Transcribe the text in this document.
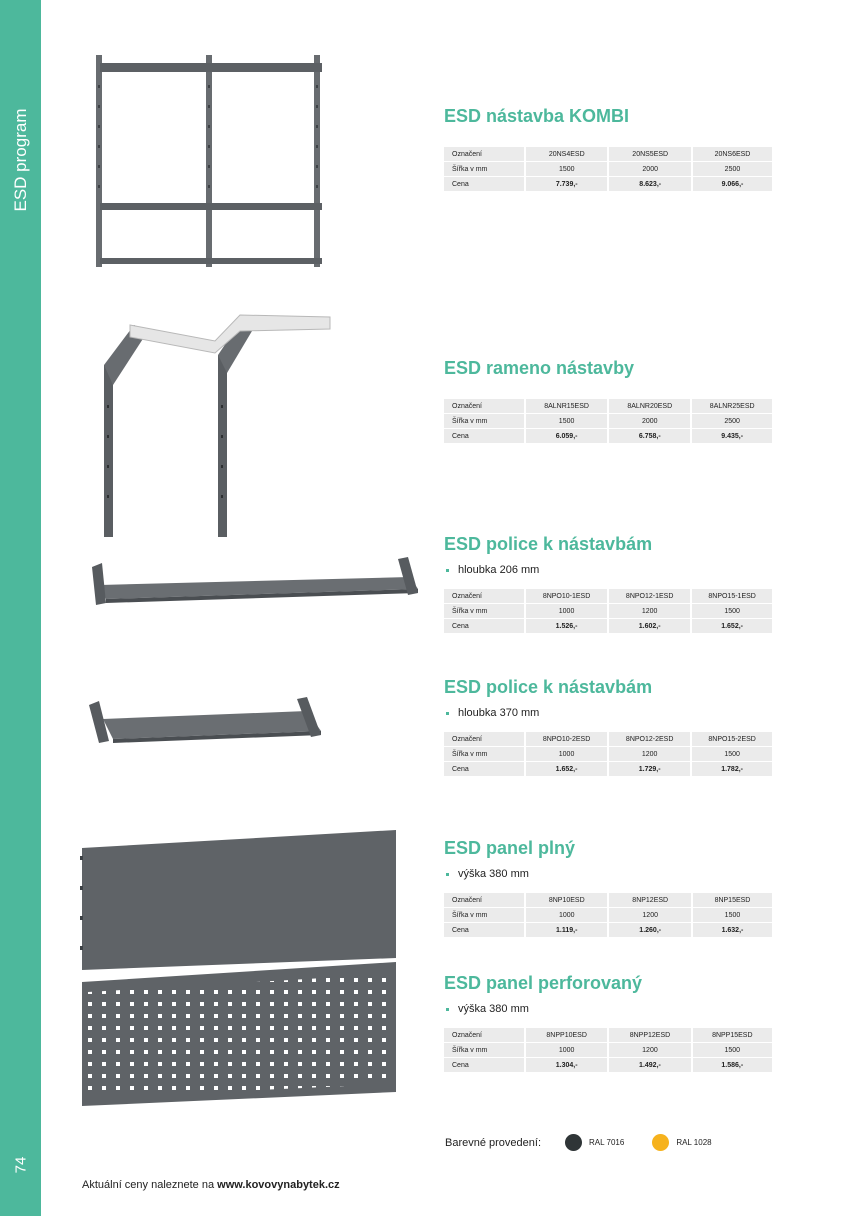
ESD program
74
ESD nástavba KOMBI
Označení	20NS4ESD	20NS5ESD	20NS6ESD
Šířka v mm	1500	2000	2500
Cena	7.739,-	8.623,-	9.066,-
ESD rameno nástavby
Označení	8ALNR15ESD	8ALNR20ESD	8ALNR25ESD
Šířka v mm	1500	2000	2500
Cena	6.059,-	6.758,-	9.435,-
ESD police k nástavbám
hloubka 206 mm
Označení	8NPO10-1ESD	8NPO12-1ESD	8NPO15-1ESD
Šířka v mm	1000	1200	1500
Cena	1.526,-	1.602,-	1.652,-
ESD police k nástavbám
hloubka 370 mm
Označení	8NPO10-2ESD	8NPO12-2ESD	8NPO15-2ESD
Šířka v mm	1000	1200	1500
Cena	1.652,-	1.729,-	1.782,-
ESD panel plný
výška 380 mm
Označení	8NP10ESD	8NP12ESD	8NP15ESD
Šířka v mm	1000	1200	1500
Cena	1.119,-	1.260,-	1.632,-
ESD panel perforovaný
výška 380 mm
Označení	8NPP10ESD	8NPP12ESD	8NPP15ESD
Šířka v mm	1000	1200	1500
Cena	1.304,-	1.492,-	1.586,-
Barevné provedení:	RAL 7016	RAL 1028
Aktuální ceny naleznete na www.kovovynabytek.cz
